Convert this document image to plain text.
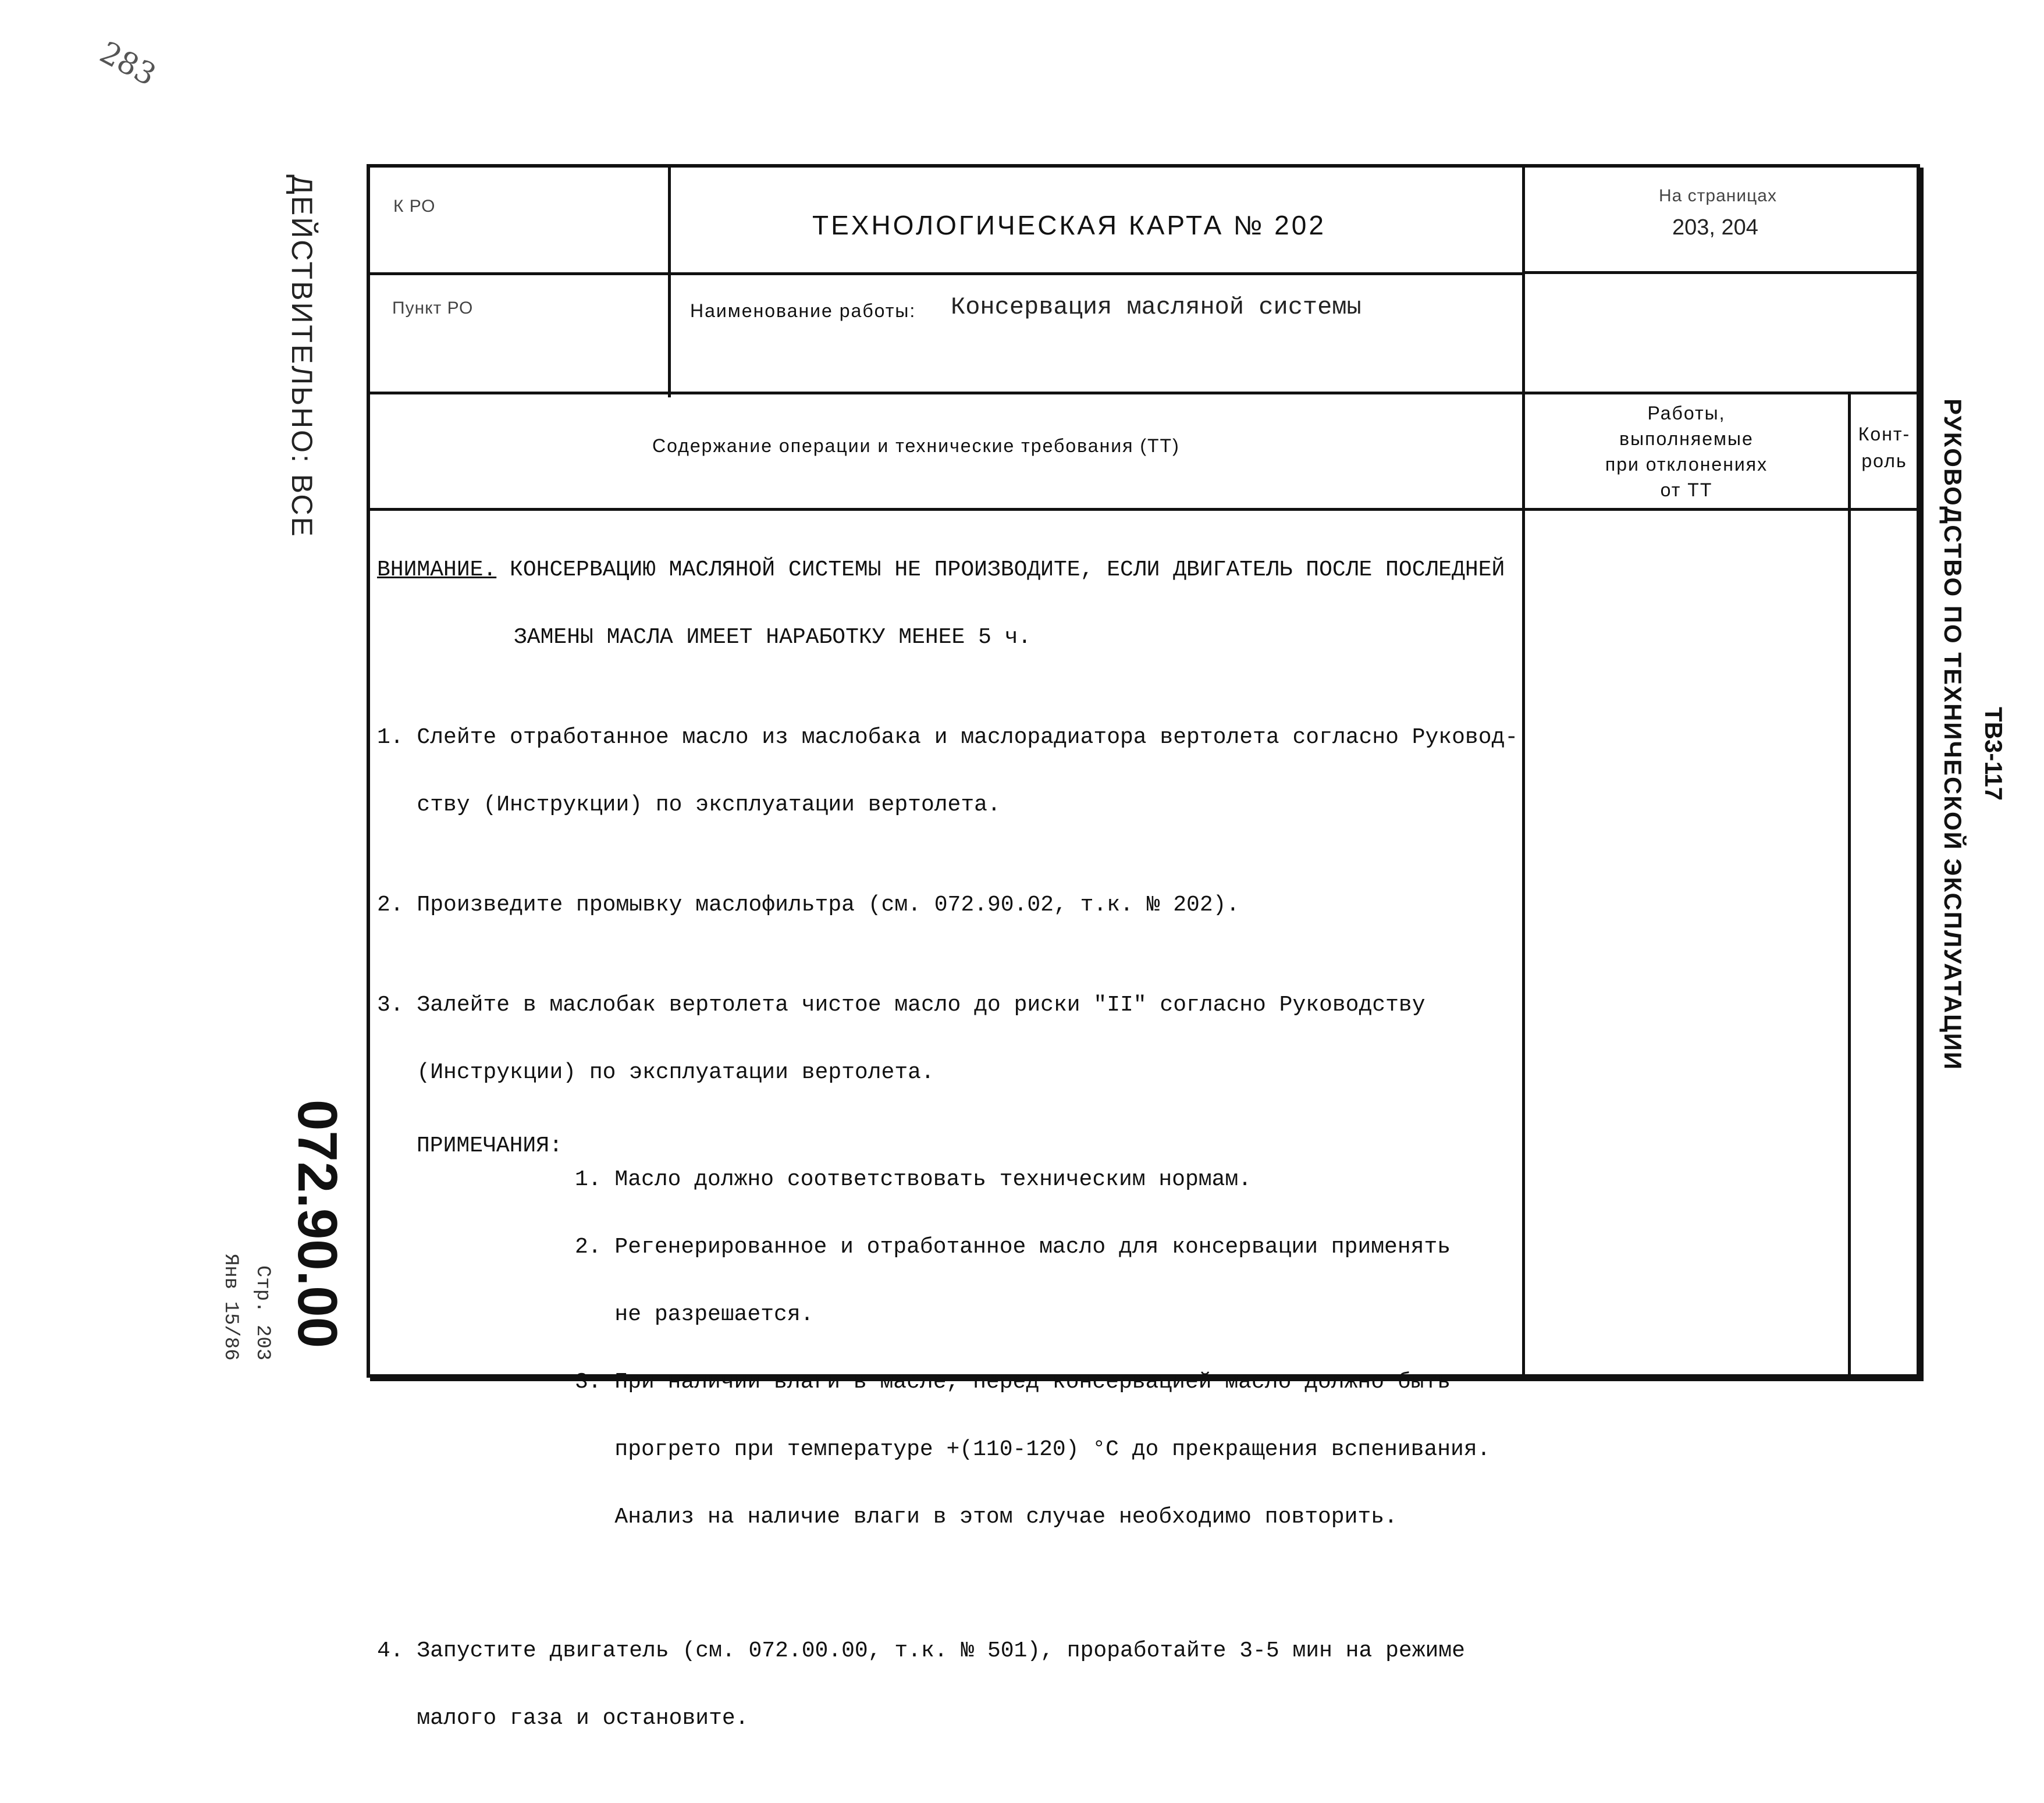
283
ДЕЙСТВИТЕЛЬНО: ВСЕ
072.90.00
Стр. 203
Янв 15/86
ТВ3-117
РУКОВОДСТВО ПО ТЕХНИЧЕСКОЙ ЭКСПЛУАТАЦИИ
К РО
ТЕХНОЛОГИЧЕСКАЯ КАРТА № 202
На страницах
203, 204
Пункт РО	Наименование работы: Консервация масляной системы
Содержание операции и технические требования (ТТ)
Работы,
выполняемые
при отклонениях
от ТТ
Конт-
роль

ВНИМАНИЕ. КОНСЕРВАЦИЮ МАСЛЯНОЙ СИСТЕМЫ НЕ ПРОИЗВОДИТЕ, ЕСЛИ ДВИГАТЕЛЬ ПОСЛЕ ПОСЛЕДНЕЙ

ЗАМЕНЫ МАСЛА ИМЕЕТ НАРАБОТКУ МЕНЕЕ 5 ч.

1. Слейте отработанное масло из маслобака и маслорадиатора вертолета согласно Руковод-

ству (Инструкции) по эксплуатации вертолета.

2. Произведите промывку маслофильтра (см. 072.90.02, т.к. № 202).

3. Залейте в маслобак вертолета чистое масло до риски "II" согласно Руководству

(Инструкции) по эксплуатации вертолета.

ПРИМЕЧАНИЯ:

1. Масло должно соответствовать техническим нормам.

2. Регенерированное и отработанное масло для консервации применять

не разрешается.

3. При наличии влаги в масле, перед консервацией масло должно быть

прогрето при температуре +(110-120) °С до прекращения вспенивания.

Анализ на наличие влаги в этом случае необходимо повторить.

4. Запустите двигатель (см. 072.00.00, т.к. № 501), проработайте 3-5 мин на режиме

малого газа и остановите.
